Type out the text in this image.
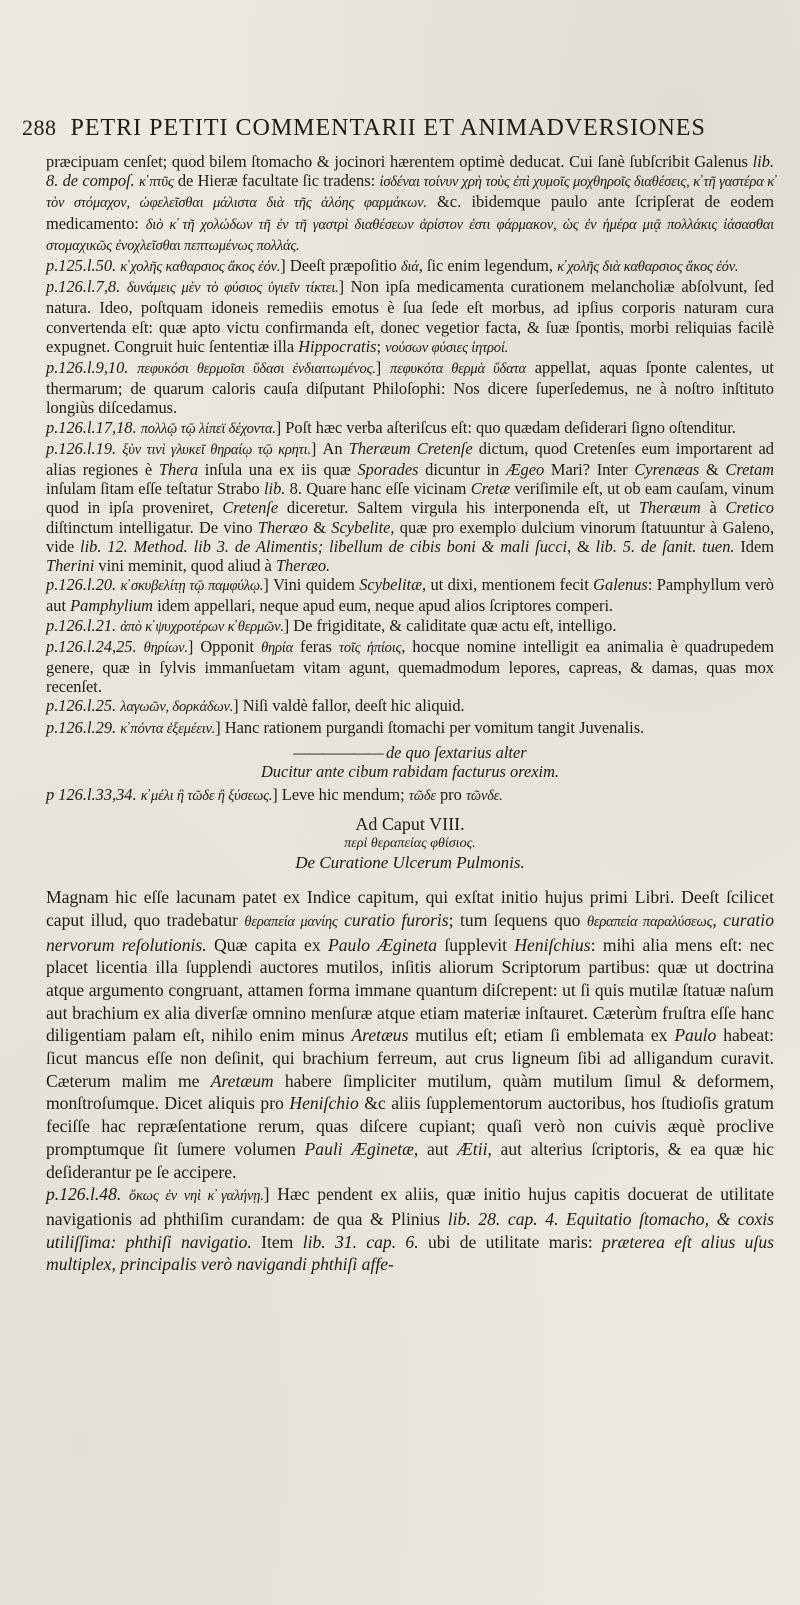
288 PETRI PETITI COMMENTARII ET ANIMADVERSIONES

præcipuam cenſet; quod bilem ſtomacho & jocinori hærentem optimè deducat. Cui ſanè ſubſcribit Galenus lib. 8. de compoſ. κ̓ πτῦς de Hieræ facultate ſic tradens: ἰσδέναι τοίνυν χρὴ τοὺς ἐπὶ χυμοῖς μοχθηροῖς διαθέσεις, κ̓ τῆ γαστέρα κ̓ τὸν στόμαχον, ὠφελεῖσθαι μάλιστα διὰ τῆς ἀλόης φαρμάκων. &c. ibidemque paulo ante ſcripſerat de eodem medicamento: διὸ κ̓ τῆ χολώδων τῆ ἐν τῆ γαστρὶ διαθέσεων ἀρίστον ἐστι φάρμακον, ὡς ἐν ἡμέρα μιᾷ πολλάκις ἰάσασθαι στομαχικῶς ἐνοχλεῖσθαι πεπτωμένως πολλάς.

p.125.l.50. κ̓ χολῆς καθαρσιος ἄκος ἐόν.] Deeſt præpoſitio διά, ſic enim legendum, κ̓ χολῆς διὰ καθαρσιος ἄκος ἐόν.

p.126.l.7,8. δυνάμεις μὲν τὸ φύσιος ὑγιεῖν τίκτει.] Non ipſa medicamenta curationem melancholiæ abſolvunt, ſed natura. Ideo, poſtquam idoneis remediis emotus è ſua ſede eſt morbus, ad ipſius corporis naturam cura convertenda eſt: quæ apto victu confirmanda eſt, donec vegetior facta, & ſuæ ſpontis, morbi reliquias facilè expugnet. Congruit huic ſententiæ illa Hippocratis; νούσων φύσιες ἰητροί.

p.126.l.9,10. πεφυκόσι θερμοῖσι ὕδασι ἐνδιαιτωμένος.] πεφυκότα θερμὰ ὕδατα appellat, aquas ſponte calentes, ut thermarum; de quarum caloris cauſa diſputant Philoſophi: Nos dicere ſuperſedemus, ne à noſtro inſtituto longiùs diſcedamus.

p.126.l.17,18. πολλῷ τῷ λίπεϊ δέχοντα.] Poſt hæc verba aſteriſcus eſt: quo quædam deſiderari ſigno oſtenditur.

p.126.l.19. ξὺν τινὶ γλυκεῖ θηραίῳ τῷ κρητι.] An Theræum Cretenſe dictum, quod Cretenſes eum importarent ad alias regiones è Thera inſula una ex iis quæ Sporades dicuntur in Ægeo Mari? Inter Cyrenæas & Cretam inſulam ſitam eſſe teſtatur Strabo lib. 8. Quare hanc eſſe vicinam Cretæ veriſimile eſt, ut ob eam cauſam, vinum quod in ipſa proveniret, Cretenſe diceretur. Saltem virgula his interponenda eſt, ut Theræum à Cretico diſtinctum intelligatur. De vino Theræo & Scybelite, quæ pro exemplo dulcium vinorum ſtatuuntur à Galeno, vide lib. 12. Method. lib 3. de Alimentis; libellum de cibis boni & mali ſucci, & lib. 5. de ſanit. tuen. Idem Therini vini meminit, quod aliud à Theræo.

p.126.l.20. κ̓ σκυβελίτῃ τῷ παμφύλῳ.] Vini quidem Scybelitæ, ut dixi, mentionem fecit Galenus: Pamphyllum verò aut Pamphylium idem appellari, neque apud eum, neque apud alios ſcriptores comperi.

p.126.l.21. ἀπὸ κ̓ ψυχροτέρων κ̓ θερμῶν.] De frigiditate, & caliditate quæ actu eſt, intelligo.

p.126.l.24,25. θηρίων.] Opponit θηρία feras τοῖς ἠπίοις, hocque nomine intelligit ea animalia è quadrupedem genere, quæ in ſylvis immanſuetam vitam agunt, quemadmodum lepores, capreas, & damas, quas mox recenſet.

p.126.l.25. λαγωῶν, δορκάδων.] Niſi valdè fallor, deeſt hic aliquid.

p.126.l.29. κ̓ πόντα ἐξεμέειν.] Hanc rationem purgandi ſtomachi per vomitum tangit Juvenalis.

——— ——— de quo ſextarius alter
Ducitur ante cibum rabidam facturus orexim.

p 126.l.33,34. κ̓ μέλι ἢ τῶδε ἢ ξύσεως.] Leve hic mendum; τῶδε pro τῶνδε.

Ad Caput VIII.
περὶ θεραπείας φθίσιος.
De Curatione Ulcerum Pulmonis.

Magnam hic eſſe lacunam patet ex Indice capitum, qui exſtat initio hujus primi Libri. Deeſt ſcilicet caput illud, quo tradebatur θεραπεία μανίης curatio furoris; tum ſequens quo θεραπεία παραλύσεως, curatio nervorum reſolutionis. Quæ capita ex Paulo Ægineta ſupplevit Heniſchius: mihi alia mens eſt: nec placet licentia illa ſupplendi auctores mutilos, inſitis aliorum Scriptorum partibus: quæ ut doctrina atque argumento congruant, attamen forma immane quantum diſcrepent: ut ſi quis mutilæ ſtatuæ naſum aut brachium ex alia diverſæ omnino menſuræ atque etiam materiæ inſtauret. Cæterùm fruſtra eſſe hanc diligentiam palam eſt, nihilo enim minus Aretæus mutilus eſt; etiam ſi emblemata ex Paulo habeat: ſicut mancus eſſe non deſinit, qui brachium ferreum, aut crus ligneum ſibi ad alligandum curavit. Cæterum malim me Aretæum habere ſimpliciter mutilum, quàm mutilum ſimul & deformem, monſtroſumque. Dicet aliquis pro Heniſchio &c aliis ſupplementorum auctoribus, hos ſtudioſis gratum feciſſe hac repræſentatione rerum, quas diſcere cupiant; quaſi verò non cuivis æquè proclive promptumque ſit ſumere volumen Pauli Æginetæ, aut Ætii, aut alterius ſcriptoris, & ea quæ hic deſiderantur pe ſe accipere.

p.126.l.48. ὅκως ἐν νηὶ κ̓ γαλήνῃ.] Hæc pendent ex aliis, quæ initio hujus capitis docuerat de utilitate navigationis ad phthiſim curandam: de qua & Plinius lib. 28. cap. 4. Equitatio ſtomacho, & coxis utiliſſima: phthiſi navigatio. Item lib. 31. cap. 6. ubi de utilitate maris: præterea eſt alius uſus multiplex, principalis verò navigandi phthiſi affe-
